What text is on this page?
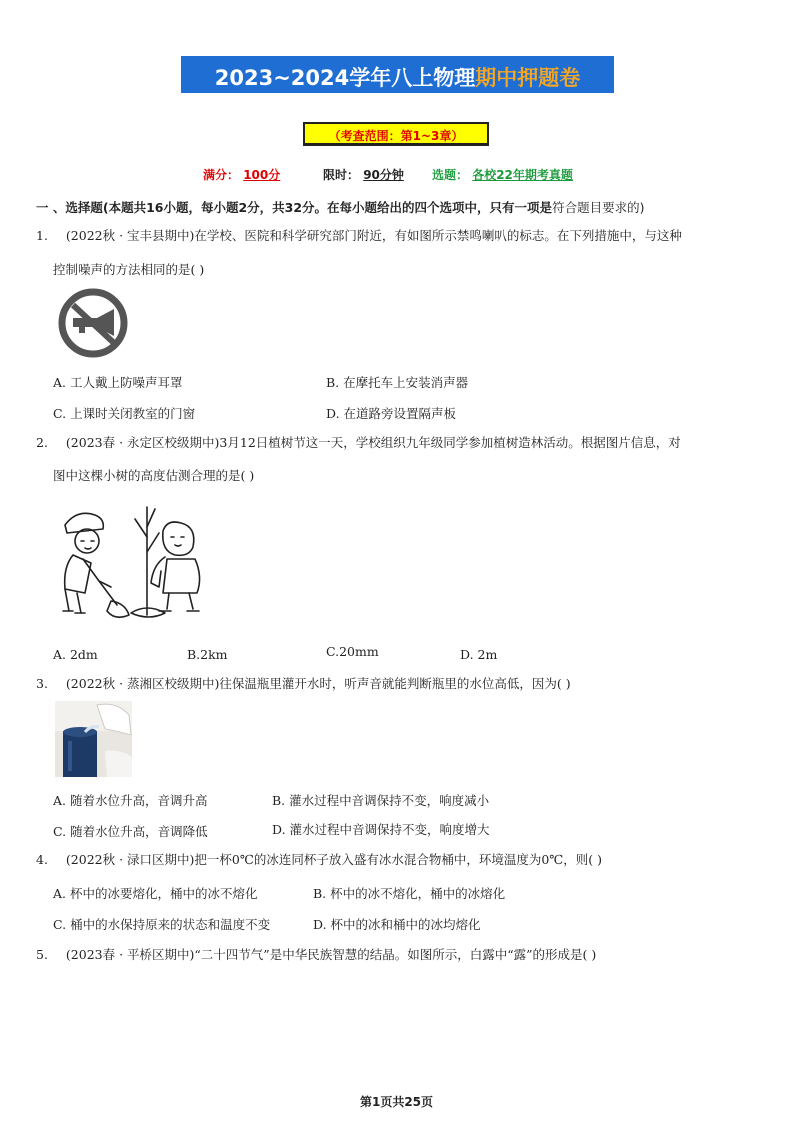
2023~2024学年八上物理期中押题卷
（考查范围：第1~3章）
满分： 100分	限时： 90分钟 选题： 各校22年期考真题
一 、选择题(本题共16小题，每小题2分，共32分。在每小题给出的四个选项中，只有一项是符合题目要求的)
1. (2022秋 · 宝丰县期中)在学校、医院和科学研究部门附近，有如图所示禁鸣喇叭的标志。在下列措施中，与这种
控制噪声的方法相同的是( )
A. 工人戴上防噪声耳罩	B. 在摩托车上安装消声器
C. 上课时关闭教室的门窗	D. 在道路旁设置隔声板
2. (2023春 · 永定区校级期中)3月12日植树节这一天，学校组织九年级同学参加植树造林活动。根据图片信息，对
图中这棵小树的高度估测合理的是( )
A. 2dm	B.2km	C.20mm	D. 2m
3. (2022秋 · 蒸湘区校级期中)往保温瓶里灌开水时，听声音就能判断瓶里的水位高低，因为( )
A. 随着水位升高，音调升高	B. 灌水过程中音调保持不变，响度减小
C. 随着水位升高，音调降低	D. 灌水过程中音调保持不变，响度增大
4. (2022秋 · 渌口区期中)把一杯0℃的冰连同杯子放入盛有冰水混合物桶中，环境温度为0℃，则( )
A. 杯中的冰要熔化，桶中的冰不熔化	B. 杯中的冰不熔化，桶中的冰熔化
C. 桶中的水保持原来的状态和温度不变	D. 杯中的冰和桶中的冰均熔化
5. (2023春 · 平桥区期中)“二十四节气”是中华民族智慧的结晶。如图所示，白露中“露”的形成是( )
第1页共25页
